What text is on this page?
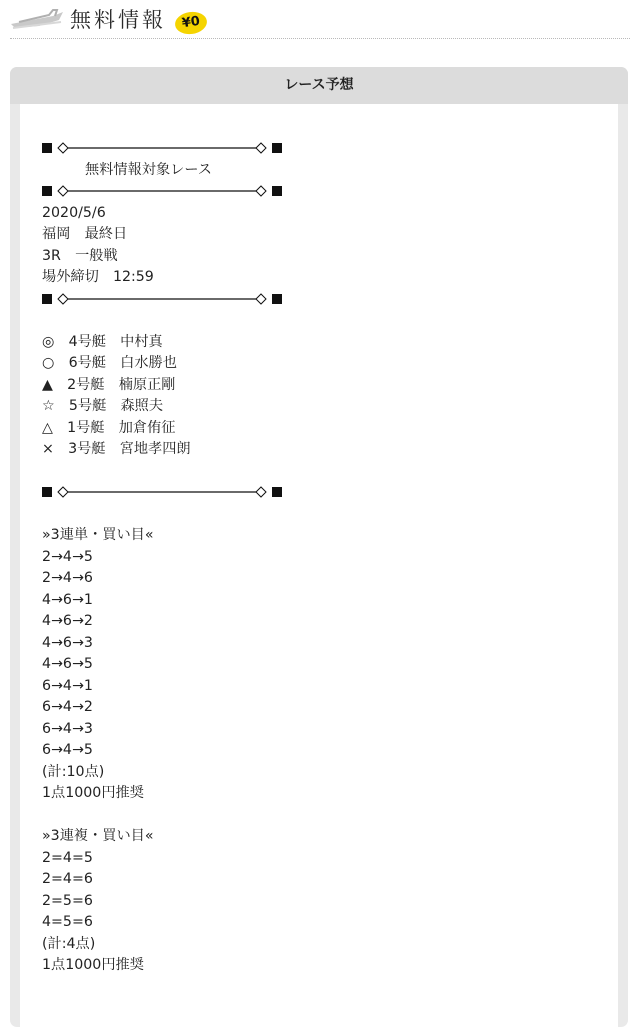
無料情報	¥0
レース予想
無料情報対象レース
2020/5/6
福岡　最終日
3R　一般戦
場外締切　12:59
◎　4号艇　中村真
○　6号艇　白水勝也
▲　2号艇　楠原正剛
☆　5号艇　森照夫
△　1号艇　加倉侑征
×　3号艇　宮地孝四朗
»3連単・買い目«
2→4→5
2→4→6
4→6→1
4→6→2
4→6→3
4→6→5
6→4→1
6→4→2
6→4→3
6→4→5
(計:10点)
1点1000円推奨
»3連複・買い目«
2=4=5
2=4=6
2=5=6
4=5=6
(計:4点)
1点1000円推奨
